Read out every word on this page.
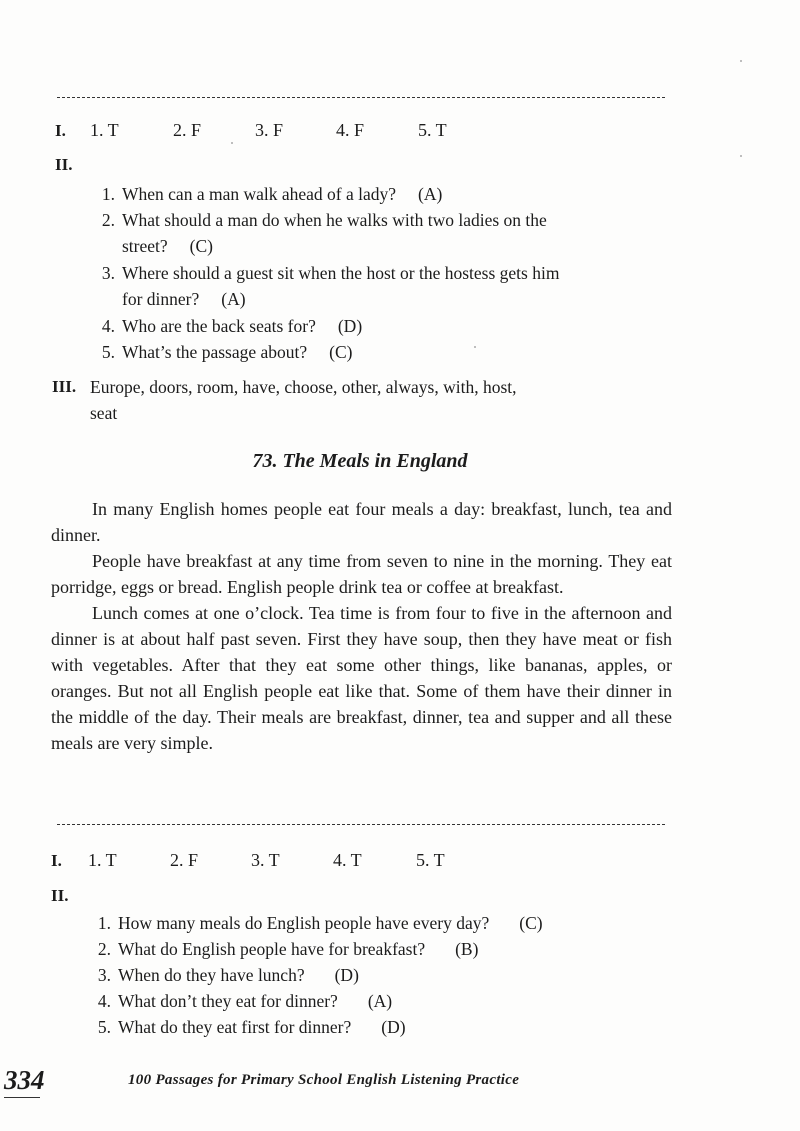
I. 1. T	2. F	3. F	4. F	5. T
II.
1. When can a man walk ahead of a lady? (A)
2. What should a man do when he walks with two ladies on the
street? (C)
3. Where should a guest sit when the host or the hostess gets him
for dinner? (A)
4. Who are the back seats for? (D)
5. What’s the passage about? (C)
III. Europe, doors, room, have, choose, other, always, with, host,
seat
73. The Meals in England

In many English homes people eat four meals a day: breakfast, lunch, tea and dinner.

People have breakfast at any time from seven to nine in the morning. They eat porridge, eggs or bread. English people drink tea or coffee at breakfast.

Lunch comes at one o’clock. Tea time is from four to five in the afternoon and dinner is at about half past seven. First they have soup, then they have meat or fish with vegetables. After that they eat some other things, like bananas, apples, or oranges. But not all English people eat like that. Some of them have their dinner in the middle of the day. Their meals are breakfast, dinner, tea and supper and all these meals are very simple.

I. 1. T	2. F	3. T	4. T	5. T
II.
1. How many meals do English people have every day? (C)
2. What do English people have for breakfast? (B)
3. When do they have lunch? (D)
4. What don’t they eat for dinner? (A)
5. What do they eat first for dinner? (D)
334	100 Passages for Primary School English Listening Practice
